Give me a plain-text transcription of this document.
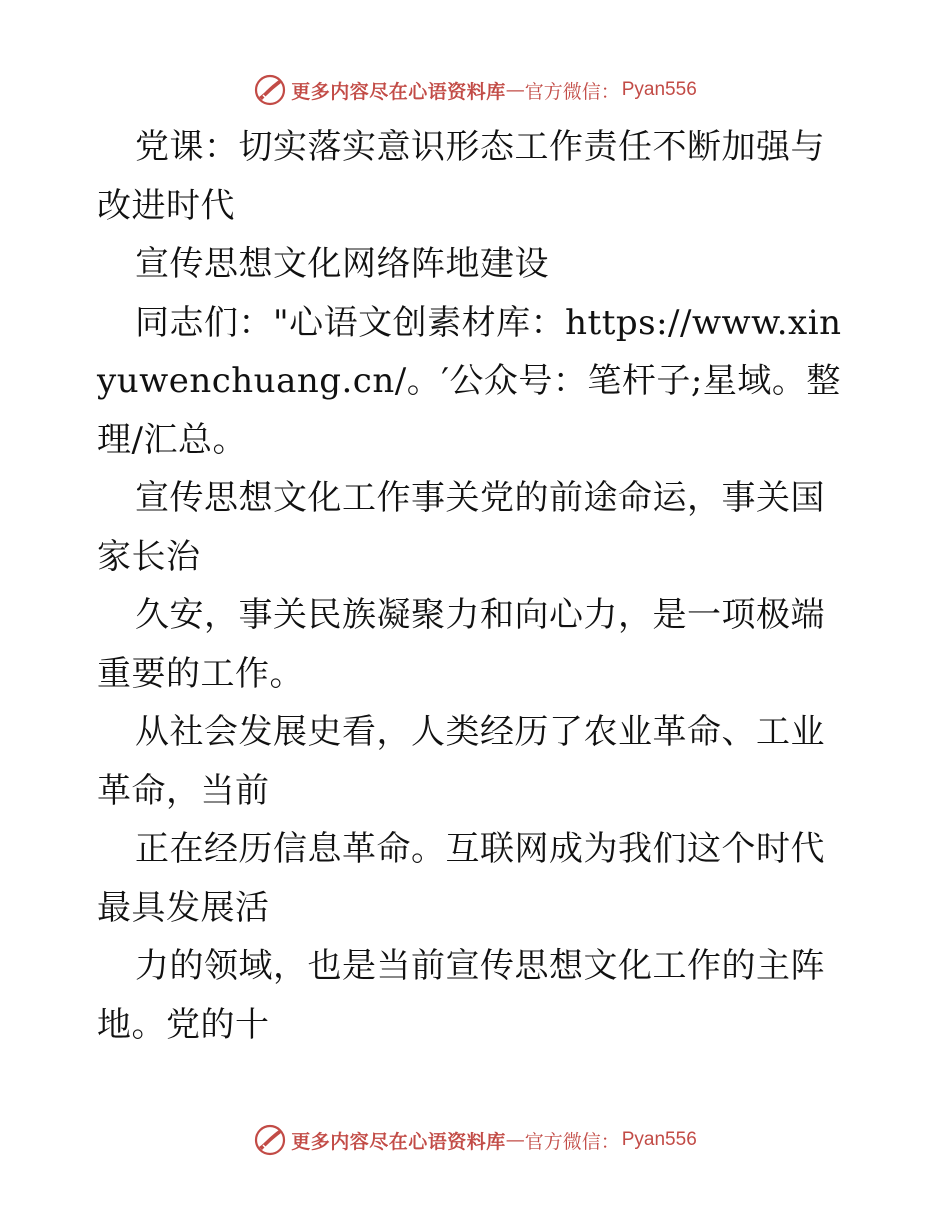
更多内容尽在心语资料库 — 官方微信： Pyan556

党课：切实落实意识形态工作责任不断加强与改进时代

宣传思想文化网络阵地建设

同志们："心语文创素材库：https://www.xinyuwenchuang.cn/。′公众号：笔杆子;星域。整理/汇总。

宣传思想文化工作事关党的前途命运，事关国家长治

久安，事关民族凝聚力和向心力，是一项极端重要的工作。

从社会发展史看，人类经历了农业革命、工业革命，当前

正在经历信息革命。互联网成为我们这个时代最具发展活

力的领域，也是当前宣传思想文化工作的主阵地。党的十

更多内容尽在心语资料库 — 官方微信： Pyan556
